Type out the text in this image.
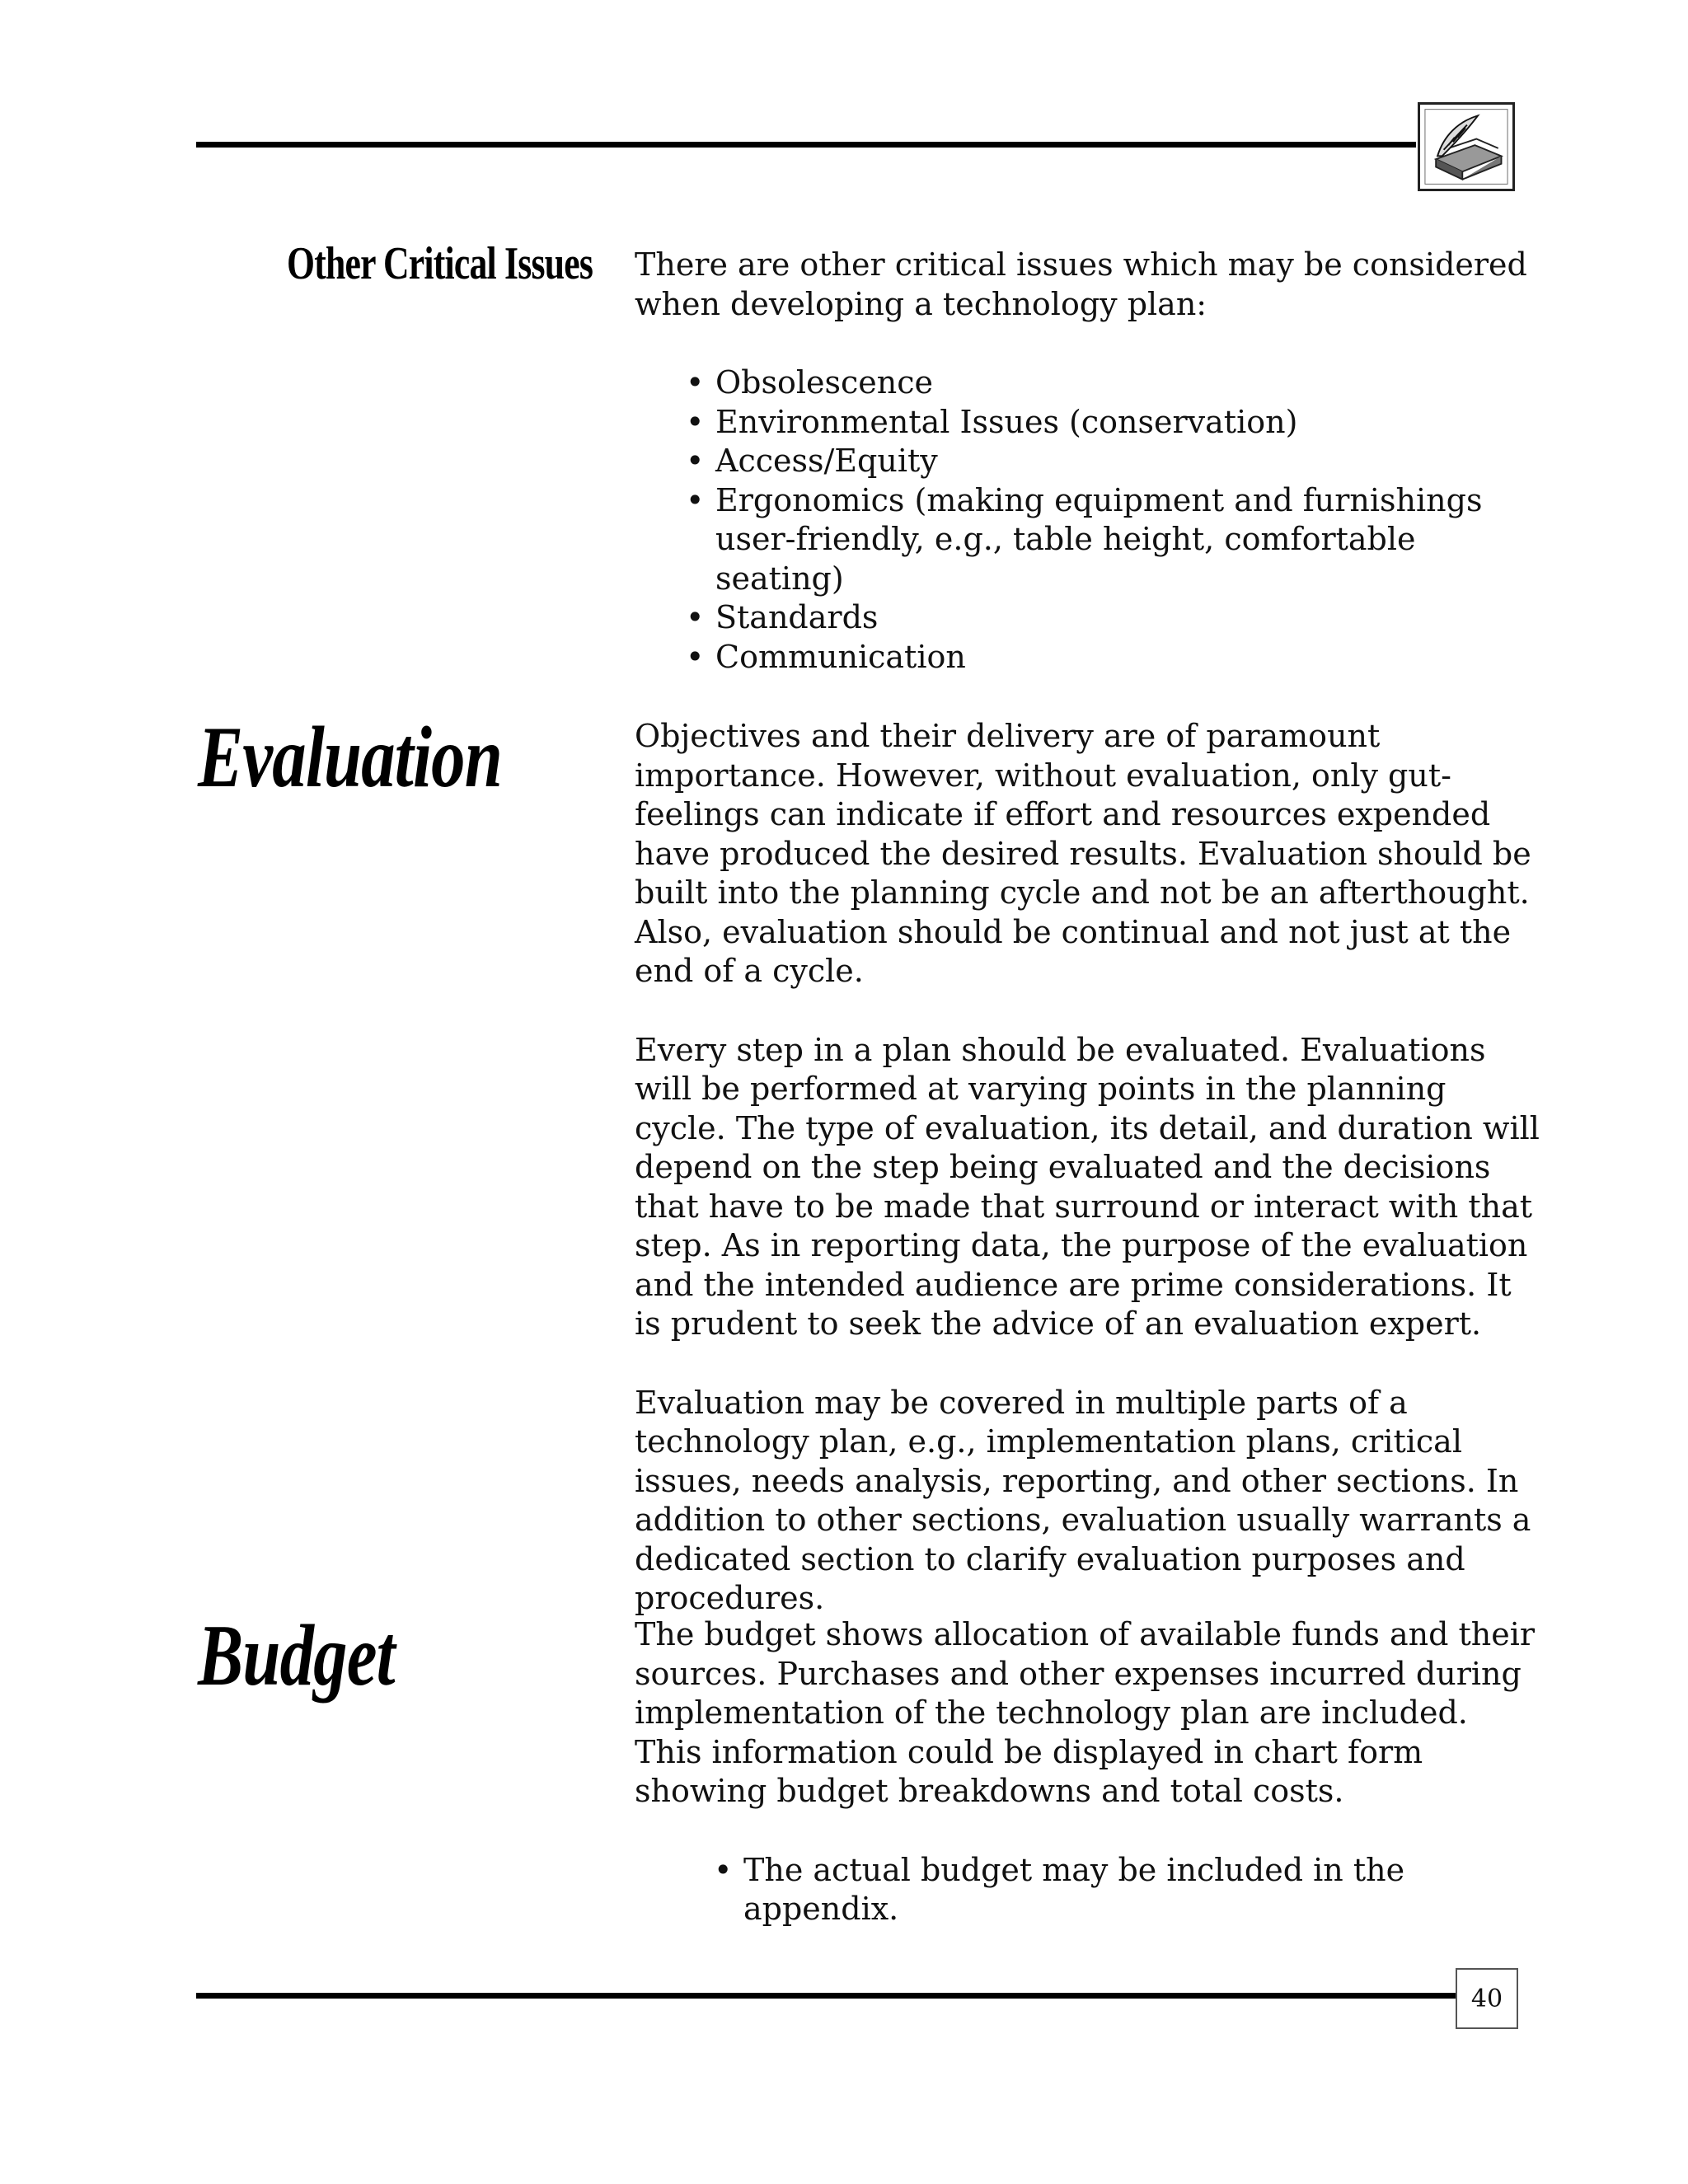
Other Critical Issues There are other critical issues which may be considered when developing a technology plan:

• Obsolescence
• Environmental Issues (conservation)
• Access/Equity
• Ergonomics (making equipment and furnishings user-friendly, e.g., table height, comfortable seating)
• Standards
• Communication
Evaluation	Objectives and their delivery are of paramount importance. However, without evaluation, only gut-feelings can indicate if effort and resources expended have produced the desired results. Evaluation should be built into the planning cycle and not be an afterthought. Also, evaluation should be continual and not just at the end of a cycle.

Every step in a plan should be evaluated. Evaluations will be performed at varying points in the planning cycle. The type of evaluation, its detail, and duration will depend on the step being evaluated and the decisions that have to be made that surround or interact with that step. As in reporting data, the purpose of the evaluation and the intended audience are prime considerations. It is prudent to seek the advice of an evaluation expert.

Evaluation may be covered in multiple parts of a technology plan, e.g., implementation plans, critical issues, needs analysis, reporting, and other sections. In addition to other sections, evaluation usually warrants a dedicated section to clarify evaluation purposes and procedures.

Budget	The budget shows allocation of available funds and their sources. Purchases and other expenses incurred during implementation of the technology plan are included. This information could be displayed in chart form showing budget breakdowns and total costs.

• The actual budget may be included in the appendix.
40
